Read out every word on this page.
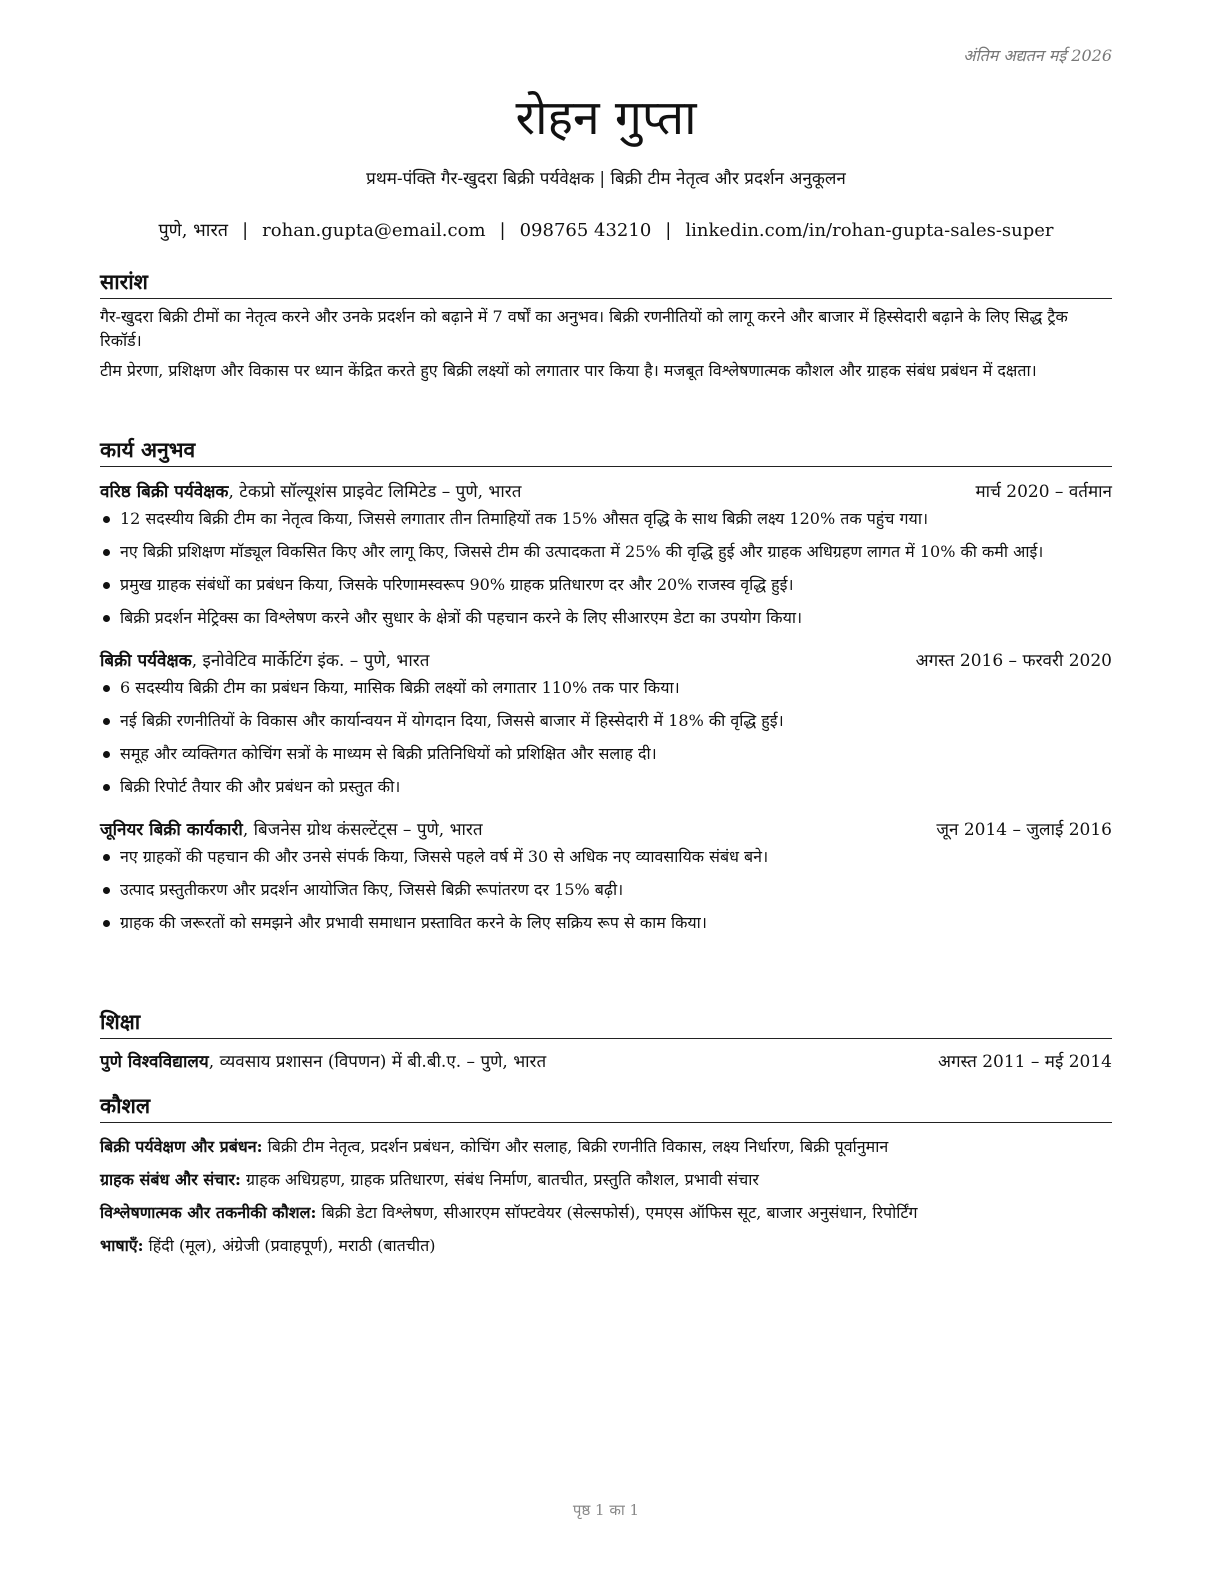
अंतिम अद्यतन मई 2026
रोहन गुप्ता
प्रथम-पंक्ति गैर-खुदरा बिक्री पर्यवेक्षक | बिक्री टीम नेतृत्व और प्रदर्शन अनुकूलन
पुणे, भारत | rohan.gupta@email.com | 098765 43210 | linkedin.com/in/rohan-gupta-sales-super
सारांश
गैर-खुदरा बिक्री टीमों का नेतृत्व करने और उनके प्रदर्शन को बढ़ाने में 7 वर्षों का अनुभव। बिक्री रणनीतियों को लागू करने और बाजार में हिस्सेदारी बढ़ाने के लिए सिद्ध ट्रैक रिकॉर्ड।
टीम प्रेरणा, प्रशिक्षण और विकास पर ध्यान केंद्रित करते हुए बिक्री लक्ष्यों को लगातार पार किया है। मजबूत विश्लेषणात्मक कौशल और ग्राहक संबंध प्रबंधन में दक्षता।
कार्य अनुभव
वरिष्ठ बिक्री पर्यवेक्षक, टेकप्रो सॉल्यूशंस प्राइवेट लिमिटेड – पुणे, भारत	मार्च 2020 – वर्तमान
12 सदस्यीय बिक्री टीम का नेतृत्व किया, जिससे लगातार तीन तिमाहियों तक 15% औसत वृद्धि के साथ बिक्री लक्ष्य 120% तक पहुंच गया।
नए बिक्री प्रशिक्षण मॉड्यूल विकसित किए और लागू किए, जिससे टीम की उत्पादकता में 25% की वृद्धि हुई और ग्राहक अधिग्रहण लागत में 10% की कमी आई।
प्रमुख ग्राहक संबंधों का प्रबंधन किया, जिसके परिणामस्वरूप 90% ग्राहक प्रतिधारण दर और 20% राजस्व वृद्धि हुई।
बिक्री प्रदर्शन मेट्रिक्स का विश्लेषण करने और सुधार के क्षेत्रों की पहचान करने के लिए सीआरएम डेटा का उपयोग किया।
बिक्री पर्यवेक्षक, इनोवेटिव मार्केटिंग इंक. – पुणे, भारत	अगस्त 2016 – फरवरी 2020
6 सदस्यीय बिक्री टीम का प्रबंधन किया, मासिक बिक्री लक्ष्यों को लगातार 110% तक पार किया।
नई बिक्री रणनीतियों के विकास और कार्यान्वयन में योगदान दिया, जिससे बाजार में हिस्सेदारी में 18% की वृद्धि हुई।
समूह और व्यक्तिगत कोचिंग सत्रों के माध्यम से बिक्री प्रतिनिधियों को प्रशिक्षित और सलाह दी।
बिक्री रिपोर्ट तैयार की और प्रबंधन को प्रस्तुत की।
जूनियर बिक्री कार्यकारी, बिजनेस ग्रोथ कंसल्टेंट्स – पुणे, भारत	जून 2014 – जुलाई 2016
नए ग्राहकों की पहचान की और उनसे संपर्क किया, जिससे पहले वर्ष में 30 से अधिक नए व्यावसायिक संबंध बने।
उत्पाद प्रस्तुतीकरण और प्रदर्शन आयोजित किए, जिससे बिक्री रूपांतरण दर 15% बढ़ी।
ग्राहक की जरूरतों को समझने और प्रभावी समाधान प्रस्तावित करने के लिए सक्रिय रूप से काम किया।
शिक्षा
पुणे विश्वविद्यालय, व्यवसाय प्रशासन (विपणन) में बी.बी.ए. – पुणे, भारत	अगस्त 2011 – मई 2014
कौशल
बिक्री पर्यवेक्षण और प्रबंधन: बिक्री टीम नेतृत्व, प्रदर्शन प्रबंधन, कोचिंग और सलाह, बिक्री रणनीति विकास, लक्ष्य निर्धारण, बिक्री पूर्वानुमान
ग्राहक संबंध और संचार: ग्राहक अधिग्रहण, ग्राहक प्रतिधारण, संबंध निर्माण, बातचीत, प्रस्तुति कौशल, प्रभावी संचार
विश्लेषणात्मक और तकनीकी कौशल: बिक्री डेटा विश्लेषण, सीआरएम सॉफ्टवेयर (सेल्सफोर्स), एमएस ऑफिस सूट, बाजार अनुसंधान, रिपोर्टिंग
भाषाएँ: हिंदी (मूल), अंग्रेजी (प्रवाहपूर्ण), मराठी (बातचीत)
पृष्ठ 1 का 1
